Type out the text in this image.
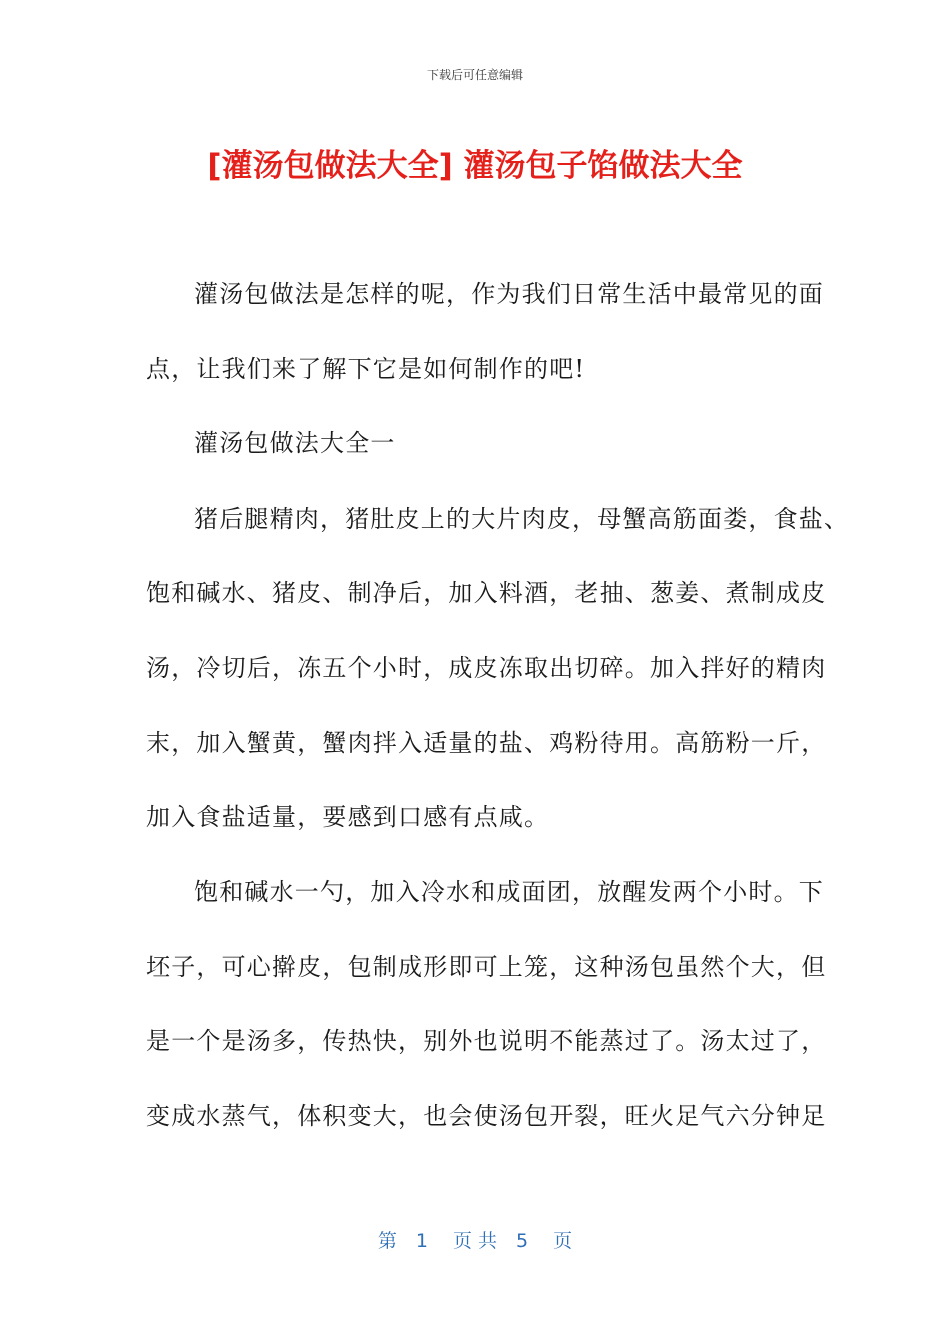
下载后可任意编辑
[灌汤包做法大全] 灌汤包子馅做法大全
灌汤包做法是怎样的呢，作为我们日常生活中最常见的面
点，让我们来了解下它是如何制作的吧!
灌汤包做法大全一
猪后腿精肉，猪肚皮上的大片肉皮，母蟹高筋面娄，食盐、
饱和碱水、猪皮、制净后，加入料酒，老抽、葱姜、煮制成皮
汤，冷切后，冻五个小时，成皮冻取出切碎。加入拌好的精肉
末，加入蟹黄，蟹肉拌入适量的盐、鸡粉待用。高筋粉一斤，
加入食盐适量，要感到口感有点咸。
饱和碱水一勺，加入冷水和成面团，放醒发两个小时。下
坯子，可心擀皮，包制成形即可上笼，这种汤包虽然个大，但
是一个是汤多，传热快，别外也说明不能蒸过了。汤太过了，
变成水蒸气，体积变大，也会使汤包开裂，旺火足气六分钟足
第　1　 页 共　5　 页
